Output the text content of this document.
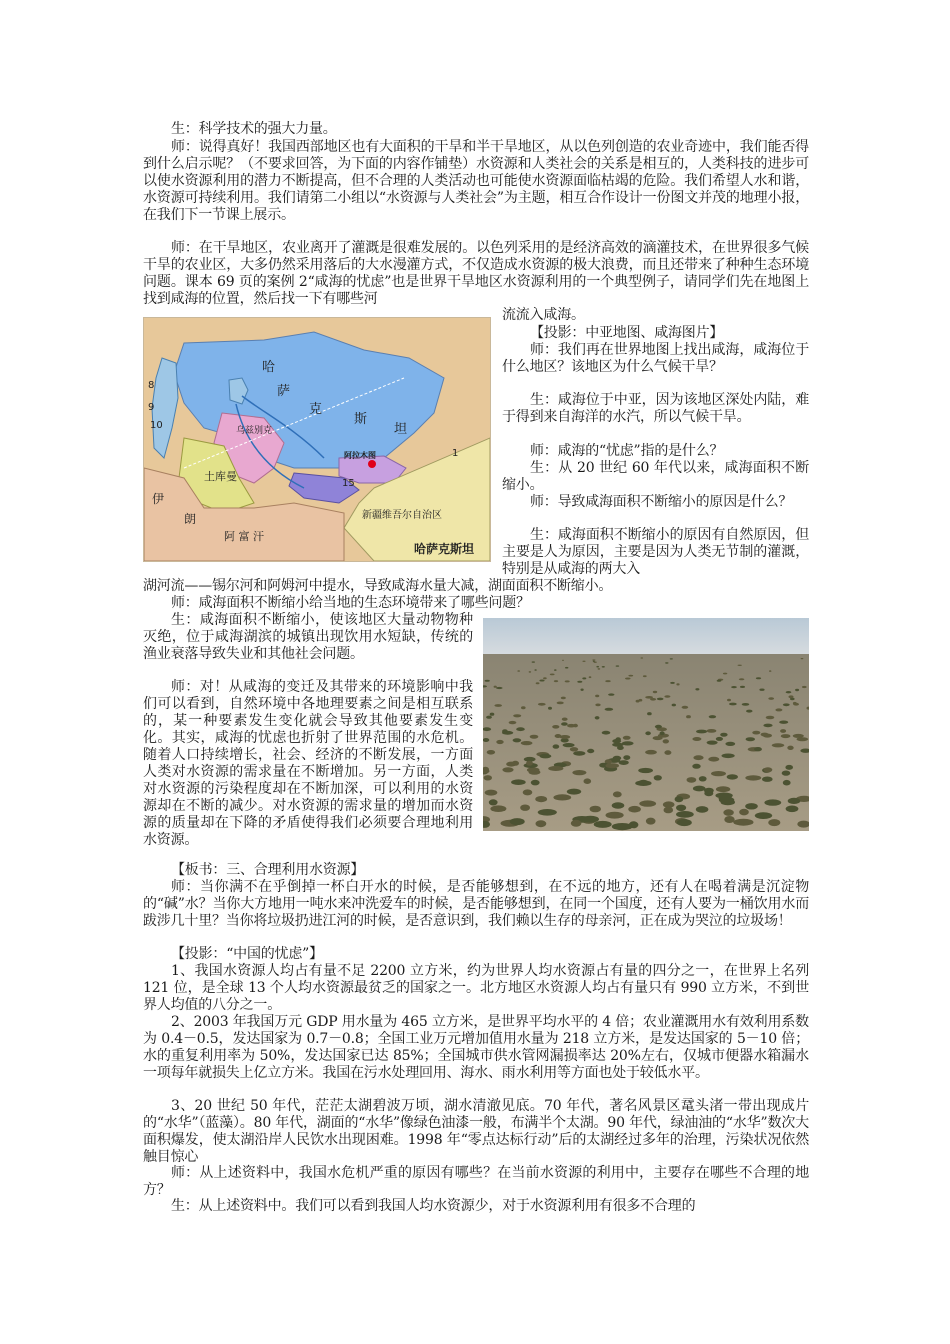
生：科学技术的强大力量。

师：说得真好！我国西部地区也有大面积的干旱和半干旱地区，从以色列创造的农业奇迹中，我们能否得到什么启示呢？（不要求回答，为下面的内容作铺垫）水资源和人类社会的关系是相互的，人类科技的进步可以使水资源利用的潜力不断提高，但不合理的人类活动也可能使水资源面临枯竭的危险。我们希望人水和谐，水资源可持续利用。我们请第二小组以“水资源与人类社会”为主题，相互合作设计一份图文并茂的地理小报，在我们下一节课上展示。

师：在干旱地区，农业离开了灌溉是很难发展的。以色列采用的是经济高效的滴灌技术，在世界很多气候干旱的农业区，大多仍然采用落后的大水漫灌方式，不仅造成水资源的极大浪费，而且还带来了种种生态环境问题。课本 69 页的案例 2“咸海的忧虑”也是世界干旱地区水资源利用的一个典型例子，请同学们先在地图上找到咸海的位置，然后找一下有哪些河

流流入咸海。

哈
萨
克
斯
坦
乌兹别克
土库曼
伊
朗
阿 富 汗
15
阿拉木图
新疆维吾尔自治区
哈萨克斯坦
1
8
9
10

【投影：中亚地图、咸海图片】

师：我们再在世界地图上找出咸海，咸海位于什么地区？该地区为什么气候干旱？

生：咸海位于中亚，因为该地区深处内陆，难于得到来自海洋的水汽，所以气候干旱。

师：咸海的“忧虑”指的是什么？

生：从 20 世纪 60 年代以来，咸海面积不断缩小。

师：导致咸海面积不断缩小的原因是什么？

生：咸海面积不断缩小的原因有自然原因，但主要是人为原因，主要是因为人类无节制的灌溉，特别是从咸海的两大入

湖河流——锡尔河和阿姆河中提水，导致咸海水量大减，湖面面积不断缩小。

师：咸海面积不断缩小给当地的生态环境带来了哪些问题？

生：咸海面积不断缩小，使该地区大量动物物种灭绝，位于咸海湖滨的城镇出现饮用水短缺，传统的渔业衰落导致失业和其他社会问题。

师：对！从咸海的变迁及其带来的环境影响中我们可以看到，自然环境中各地理要素之间是相互联系的，某一种要素发生变化就会导致其他要素发生变化。其实，咸海的忧虑也折射了世界范围的水危机。随着人口持续增长，社会、经济的不断发展，一方面人类对水资源的需求量在不断增加。另一方面，人类对水资源的污染程度却在不断加深，可以利用的水资源却在不断的减少。对水资源的需求量的增加而水资源的质量却在下降的矛盾使得我们必须要合理地利用水资源。

【板书：三、合理利用水资源】

师：当你满不在乎倒掉一杯白开水的时候，是否能够想到，在不远的地方，还有人在喝着满是沉淀物的“碱”水？当你大方地用一吨水来冲洗爱车的时候，是否能够想到，在同一个国度，还有人要为一桶饮用水而跋涉几十里？当你将垃圾扔进江河的时候，是否意识到，我们赖以生存的母亲河，正在成为哭泣的垃圾场！

【投影：“中国的忧虑”】

1、我国水资源人均占有量不足 2200 立方米，约为世界人均水资源占有量的四分之一，在世界上名列 121 位，是全球 13 个人均水资源最贫乏的国家之一。北方地区水资源人均占有量只有 990 立方米，不到世界人均值的八分之一。

2、2003 年我国万元 GDP 用水量为 465 立方米，是世界平均水平的 4 倍；农业灌溉用水有效利用系数为 0.4－0.5，发达国家为 0.7－0.8；全国工业万元增加值用水量为 218 立方米，是发达国家的 5－10 倍；水的重复利用率为 50%，发达国家已达 85%；全国城市供水管网漏损率达 20%左右，仅城市便器水箱漏水一项每年就损失上亿立方米。我国在污水处理回用、海水、雨水利用等方面也处于较低水平。

3、20 世纪 50 年代，茫茫太湖碧波万顷，湖水清澈见底。70 年代，著名风景区鼋头渚一带出现成片的“水华”（蓝藻）。80 年代，湖面的“水华”像绿色油漆一般，布满半个太湖。90 年代，绿油油的“水华”数次大面积爆发，使太湖沿岸人民饮水出现困难。1998 年“零点达标行动”后的太湖经过多年的治理，污染状况依然触目惊心

师：从上述资料中，我国水危机严重的原因有哪些？在当前水资源的利用中，主要存在哪些不合理的地方？

生：从上述资料中。我们可以看到我国人均水资源少，对于水资源利用有很多不合理的
